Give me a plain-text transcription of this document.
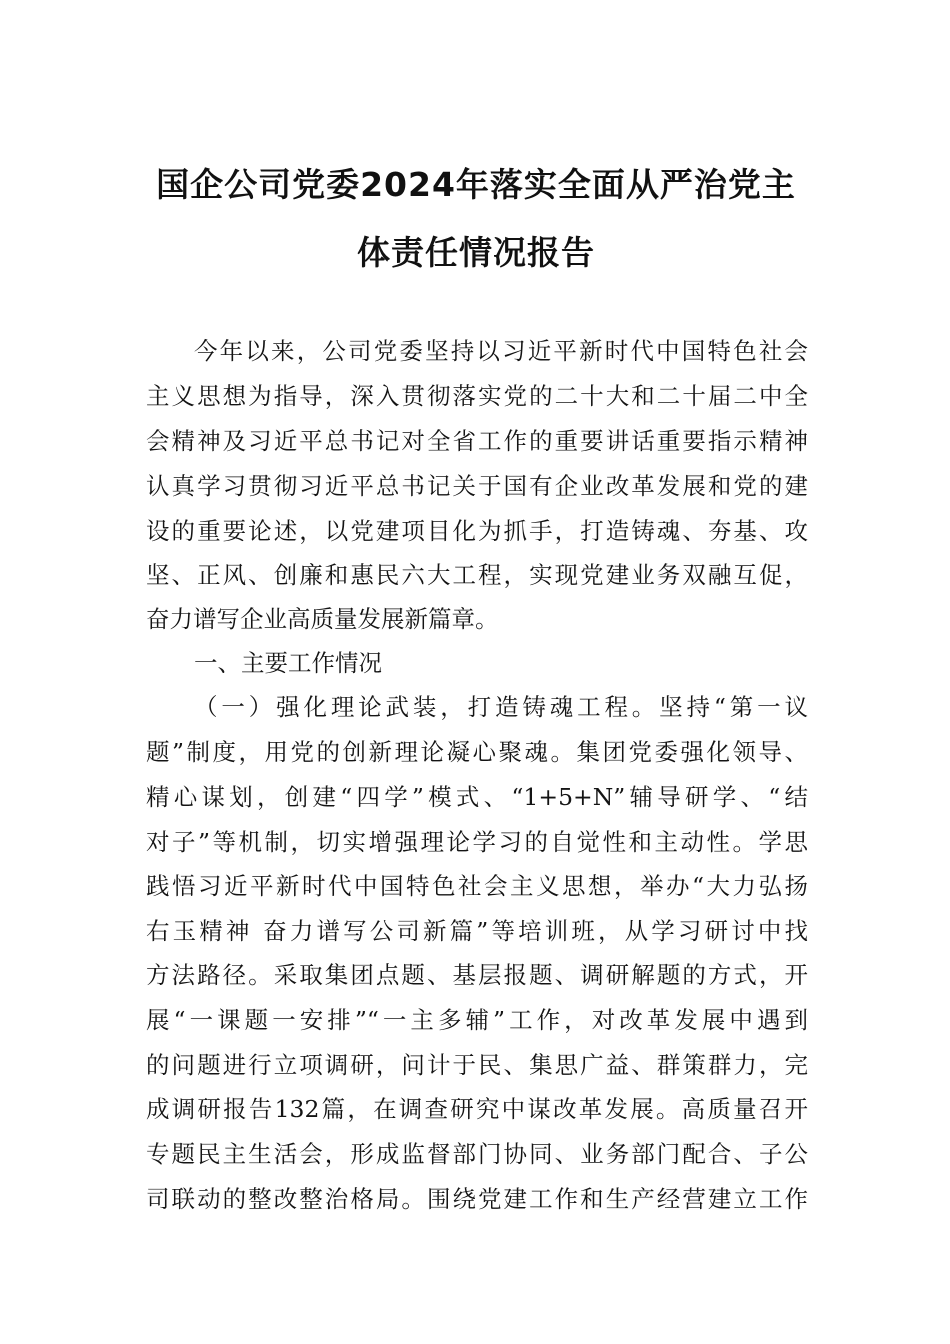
国企公司党委2024年落实全面从严治党主
体责任情况报告
今年以来，公司党委坚持以习近平新时代中国特色社会
主义思想为指导，深入贯彻落实党的二十大和二十届二中全
会精神及习近平总书记对全省工作的重要讲话重要指示精神
认真学习贯彻习近平总书记关于国有企业改革发展和党的建
设的重要论述，以党建项目化为抓手，打造铸魂、夯基、攻
坚、正风、创廉和惠民六大工程，实现党建业务双融互促，
奋力谱写企业高质量发展新篇章。
一、主要工作情况
（一）强化理论武装，打造铸魂工程。坚持“第一议
题”制度，用党的创新理论凝心聚魂。集团党委强化领导、
精心谋划，创建“四学”模式、“1+5+N”辅导研学、“结
对子”等机制，切实增强理论学习的自觉性和主动性。学思
践悟习近平新时代中国特色社会主义思想，举办“大力弘扬
右玉精神 奋力谱写公司新篇”等培训班，从学习研讨中找
方法路径。采取集团点题、基层报题、调研解题的方式，开
展“一课题一安排”“一主多辅”工作，对改革发展中遇到
的问题进行立项调研，问计于民、集思广益、群策群力，完
成调研报告132篇，在调查研究中谋改革发展。高质量召开
专题民主生活会，形成监督部门协同、业务部门配合、子公
司联动的整改整治格局。围绕党建工作和生产经营建立工作
